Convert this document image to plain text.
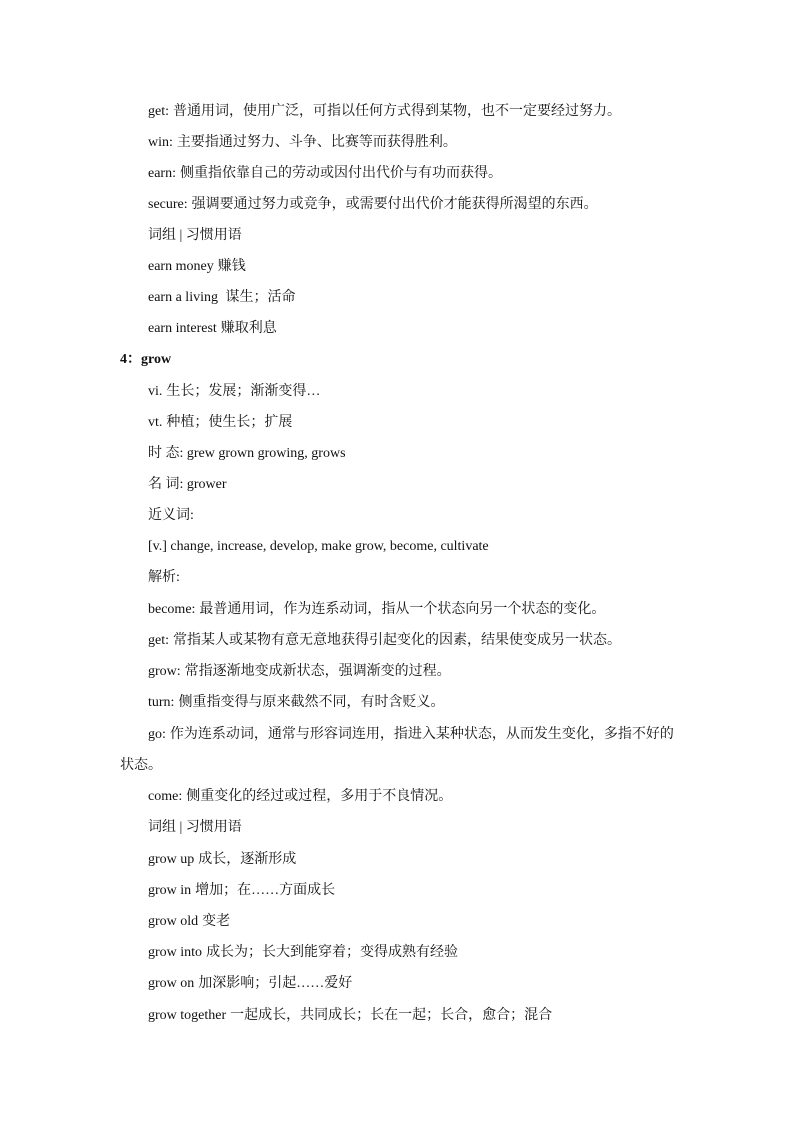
get: 普通用词，使用广泛，可指以任何方式得到某物，也不一定要经过努力。
win: 主要指通过努力、斗争、比赛等而获得胜利。
earn: 侧重指依靠自己的劳动或因付出代价与有功而获得。
secure: 强调要通过努力或竞争，或需要付出代价才能获得所渴望的东西。
词组 | 习惯用语
earn money 赚钱
earn a living 谋生；活命
earn interest 赚取利息
4：grow
vi. 生长；发展；渐渐变得…
vt. 种植；使生长；扩展
时 态: grew grown growing, grows
名 词: grower
近义词:
[v.] change, increase, develop, make grow, become, cultivate
解析:
become: 最普通用词，作为连系动词，指从一个状态向另一个状态的变化。
get: 常指某人或某物有意无意地获得引起变化的因素，结果使变成另一状态。
grow: 常指逐渐地变成新状态，强调渐变的过程。
turn: 侧重指变得与原来截然不同，有时含贬义。
go: 作为连系动词，通常与形容词连用，指进入某种状态，从而发生变化，多指不好的
状态。
come: 侧重变化的经过或过程，多用于不良情况。
词组 | 习惯用语
grow up 成长，逐渐形成
grow in 增加；在……方面成长
grow old 变老
grow into 成长为；长大到能穿着；变得成熟有经验
grow on 加深影响；引起……爱好
grow together 一起成长，共同成长；长在一起；长合，愈合；混合
